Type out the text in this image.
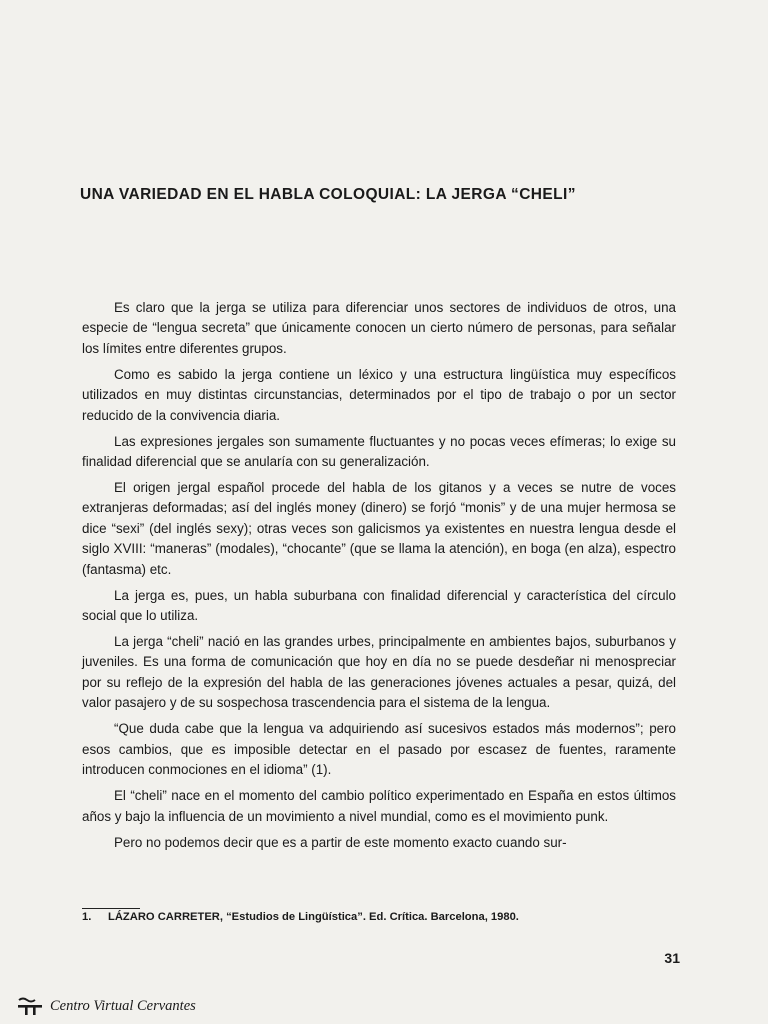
UNA VARIEDAD EN EL HABLA COLOQUIAL: LA JERGA “CHELI”

Es claro que la jerga se utiliza para diferenciar unos sectores de individuos de otros, una especie de “lengua secreta” que únicamente conocen un cierto número de personas, para señalar los límites entre diferentes grupos.

Como es sabido la jerga contiene un léxico y una estructura lingüística muy específicos utilizados en muy distintas circunstancias, determinados por el tipo de trabajo o por un sector reducido de la convivencia diaria.

Las expresiones jergales son sumamente fluctuantes y no pocas veces efímeras; lo exige su finalidad diferencial que se anularía con su generalización.

El origen jergal español procede del habla de los gitanos y a veces se nutre de voces extranjeras deformadas; así del inglés money (dinero) se forjó “monis” y de una mujer hermosa se dice “sexi” (del inglés sexy); otras veces son galicismos ya existentes en nuestra lengua desde el siglo XVIII: “maneras” (modales), “chocante” (que se llama la atención), en boga (en alza), espectro (fantasma) etc.

La jerga es, pues, un habla suburbana con finalidad diferencial y característica del círculo social que lo utiliza.

La jerga “cheli” nació en las grandes urbes, principalmente en ambientes bajos, suburbanos y juveniles. Es una forma de comunicación que hoy en día no se puede desdeñar ni menospreciar por su reflejo de la expresión del habla de las generaciones jóvenes actuales a pesar, quizá, del valor pasajero y de su sospechosa trascendencia para el sistema de la lengua.

“Que duda cabe que la lengua va adquiriendo así sucesivos estados más modernos”; pero esos cambios, que es imposible detectar en el pasado por escasez de fuentes, raramente introducen conmociones en el idioma” (1).

El “cheli” nace en el momento del cambio político experimentado en España en estos últimos años y bajo la influencia de un movimiento a nivel mundial, como es el movimiento punk.

Pero no podemos decir que es a partir de este momento exacto cuando sur-

1. LÁZARO CARRETER, “Estudios de Lingüística”. Ed. Crítica. Barcelona, 1980.
31
Centro Virtual Cervantes
